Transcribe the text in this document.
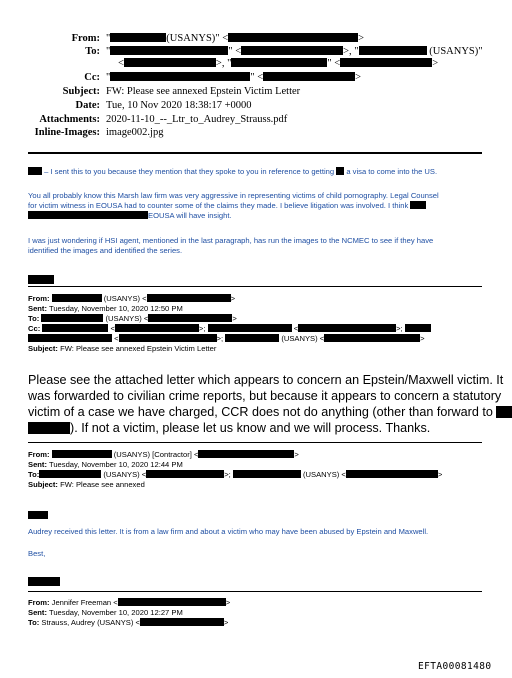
From: "	(USANYS)" <	>
To: "	" <	>, "	(USANYS)"
<	>, "	" <	>
Cc: "	" <	>
Subject: FW: Please see annexed Epstein Victim Letter
Date: Tue, 10 Nov 2020 18:38:17 +0000
Attachments: 2020-11-10_--_Ltr_to_Audrey_Strauss.pdf
Inline-Images: image002.jpg
– I sent this to you because they mention that they spoke to you in reference to getting  a visa to come into the US.
You all probably know this Marsh law firm was very aggressive in representing victims of child pornography. Legal Counsel
for victim witness in EOUSA had to counter some of the claims they made. I believe litigation was involved. I think
EOUSA will have insight.
I was just wondering if HSI agent, mentioned in the last paragraph, has run the images to the NCMEC to see if they have
identified the images and identified the series.
From:	(USANYS) <	>
Sent: Tuesday, November 10, 2020 12:50 PM
To:	(USANYS) <	>
Cc:	<	>;	<	>;
<	>;	(USANYS) <	>
Subject: FW: Please see annexed Epstein Victim Letter
Please see the attached letter which appears to concern an Epstein/Maxwell victim. It
was forwarded to civilian crime reports, but because it appears to concern a statutory
victim of a case we have charged, CCR does not do anything (other than forward to
). If not a victim, please let us know and we will process. Thanks.
From:	(USANYS) [Contractor] <	>
Sent: Tuesday, November 10, 2020 12:44 PM
To:	(USANYS) <	>;	(USANYS) <	>
Subject: FW: Please see annexed
Audrey received this letter. It is from a law firm and about a victim who may have been abused by Epstein and Maxwell.
Best,
From: Jennifer Freeman <	>
Sent: Tuesday, November 10, 2020 12:27 PM
To: Strauss, Audrey (USANYS) <	>
EFTA00081480
